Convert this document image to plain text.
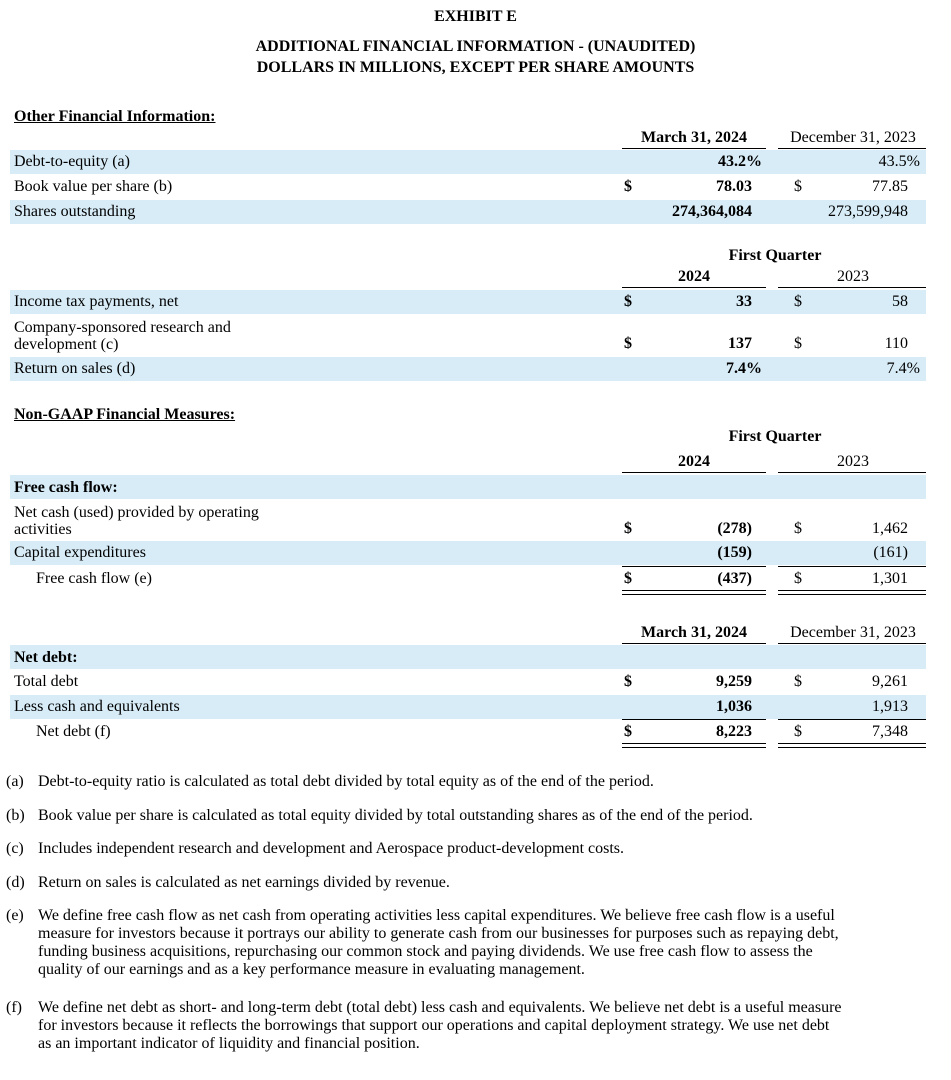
EXHIBIT E
ADDITIONAL FINANCIAL INFORMATION - (UNAUDITED)
DOLLARS IN MILLIONS, EXCEPT PER SHARE AMOUNTS
Other Financial Information:
March 31, 2024	December 31, 2023
Debt-to-equity (a)	43.2%	43.5%
Book value per share (b)	$	78.03	$	77.85
Shares outstanding	274,364,084	273,599,948
First Quarter
2024	2023
Income tax payments, net	$	33	$	58
Company-sponsored research and
development (c)	$	137	$	110
Return on sales (d)	7.4%	7.4%
Non-GAAP Financial Measures:
First Quarter
2024	2023
Free cash flow:
Net cash (used) provided by operating
activities	$	(278)	$	1,462
Capital expenditures	(159)	(161)
Free cash flow (e)	$	(437)	$	1,301
March 31, 2024	December 31, 2023
Net debt:
Total debt	$	9,259	$	9,261
Less cash and equivalents	1,036	1,913
Net debt (f)	$	8,223	$	7,348
(a) Debt-to-equity ratio is calculated as total debt divided by total equity as of the end of the period.
(b) Book value per share is calculated as total equity divided by total outstanding shares as of the end of the period.
(c) Includes independent research and development and Aerospace product-development costs.
(d) Return on sales is calculated as net earnings divided by revenue.
(e) We define free cash flow as net cash from operating activities less capital expenditures. We believe free cash flow is a useful
measure for investors because it portrays our ability to generate cash from our businesses for purposes such as repaying debt,
funding business acquisitions, repurchasing our common stock and paying dividends. We use free cash flow to assess the
quality of our earnings and as a key performance measure in evaluating management.
(f) We define net debt as short- and long-term debt (total debt) less cash and equivalents. We believe net debt is a useful measure
for investors because it reflects the borrowings that support our operations and capital deployment strategy. We use net debt
as an important indicator of liquidity and financial position.
